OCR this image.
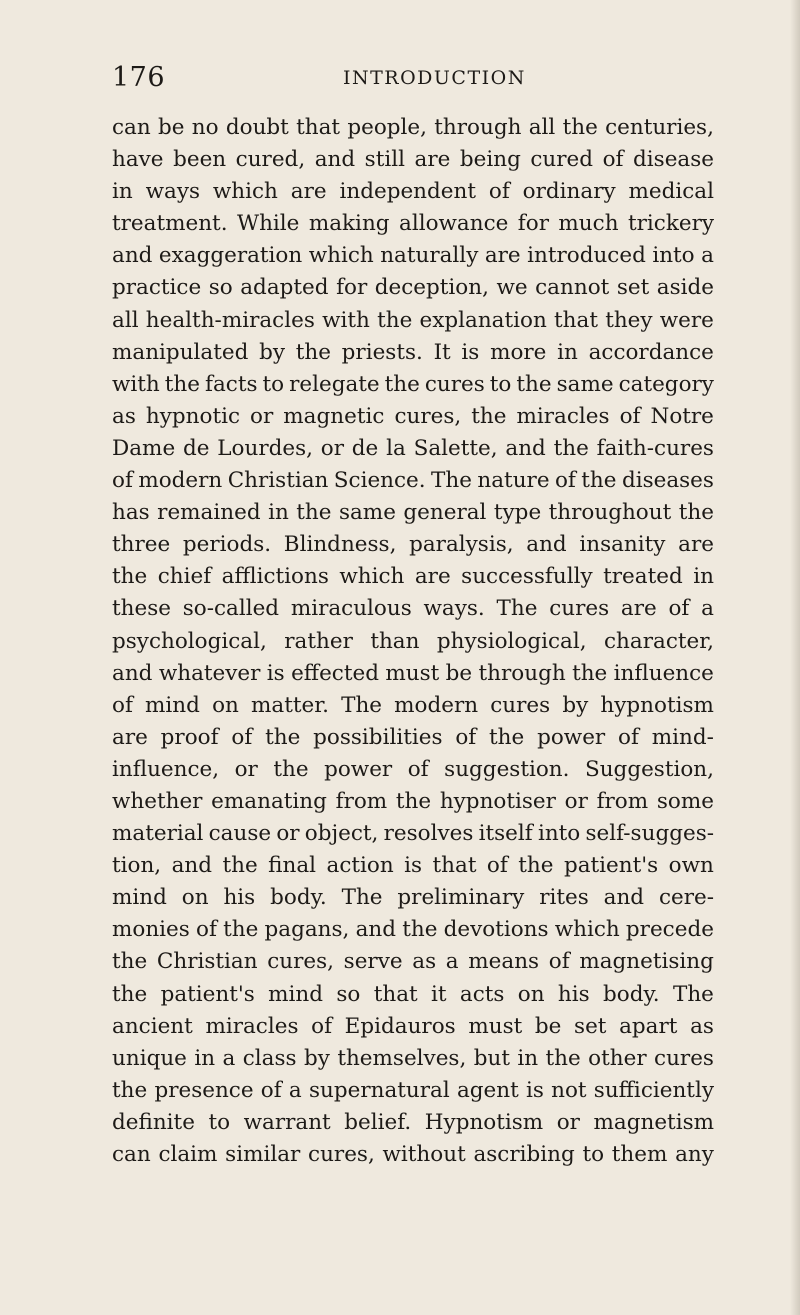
176	INTRODUCTION
can be no doubt that people, through all the centuries,
have been cured, and still are being cured of disease
in ways which are independent of ordinary medical
treatment. While making allowance for much trickery
and exaggeration which naturally are introduced into a
practice so adapted for deception, we cannot set aside
all health-miracles with the explanation that they were
manipulated by the priests. It is more in accordance
with the facts to relegate the cures to the same category
as hypnotic or magnetic cures, the miracles of Notre
Dame de Lourdes, or de la Salette, and the faith-cures
of modern Christian Science. The nature of the diseases
has remained in the same general type throughout the
three periods. Blindness, paralysis, and insanity are
the chief afflictions which are successfully treated in
these so-called miraculous ways. The cures are of a
psychological, rather than physiological, character,
and whatever is effected must be through the influence
of mind on matter. The modern cures by hypnotism
are proof of the possibilities of the power of mind-
influence, or the power of suggestion. Suggestion,
whether emanating from the hypnotiser or from some
material cause or object, resolves itself into self-sugges-
tion, and the final action is that of the patient's own
mind on his body. The preliminary rites and cere-
monies of the pagans, and the devotions which precede
the Christian cures, serve as a means of magnetising
the patient's mind so that it acts on his body. The
ancient miracles of Epidauros must be set apart as
unique in a class by themselves, but in the other cures
the presence of a supernatural agent is not sufficiently
definite to warrant belief. Hypnotism or magnetism
can claim similar cures, without ascribing to them any
